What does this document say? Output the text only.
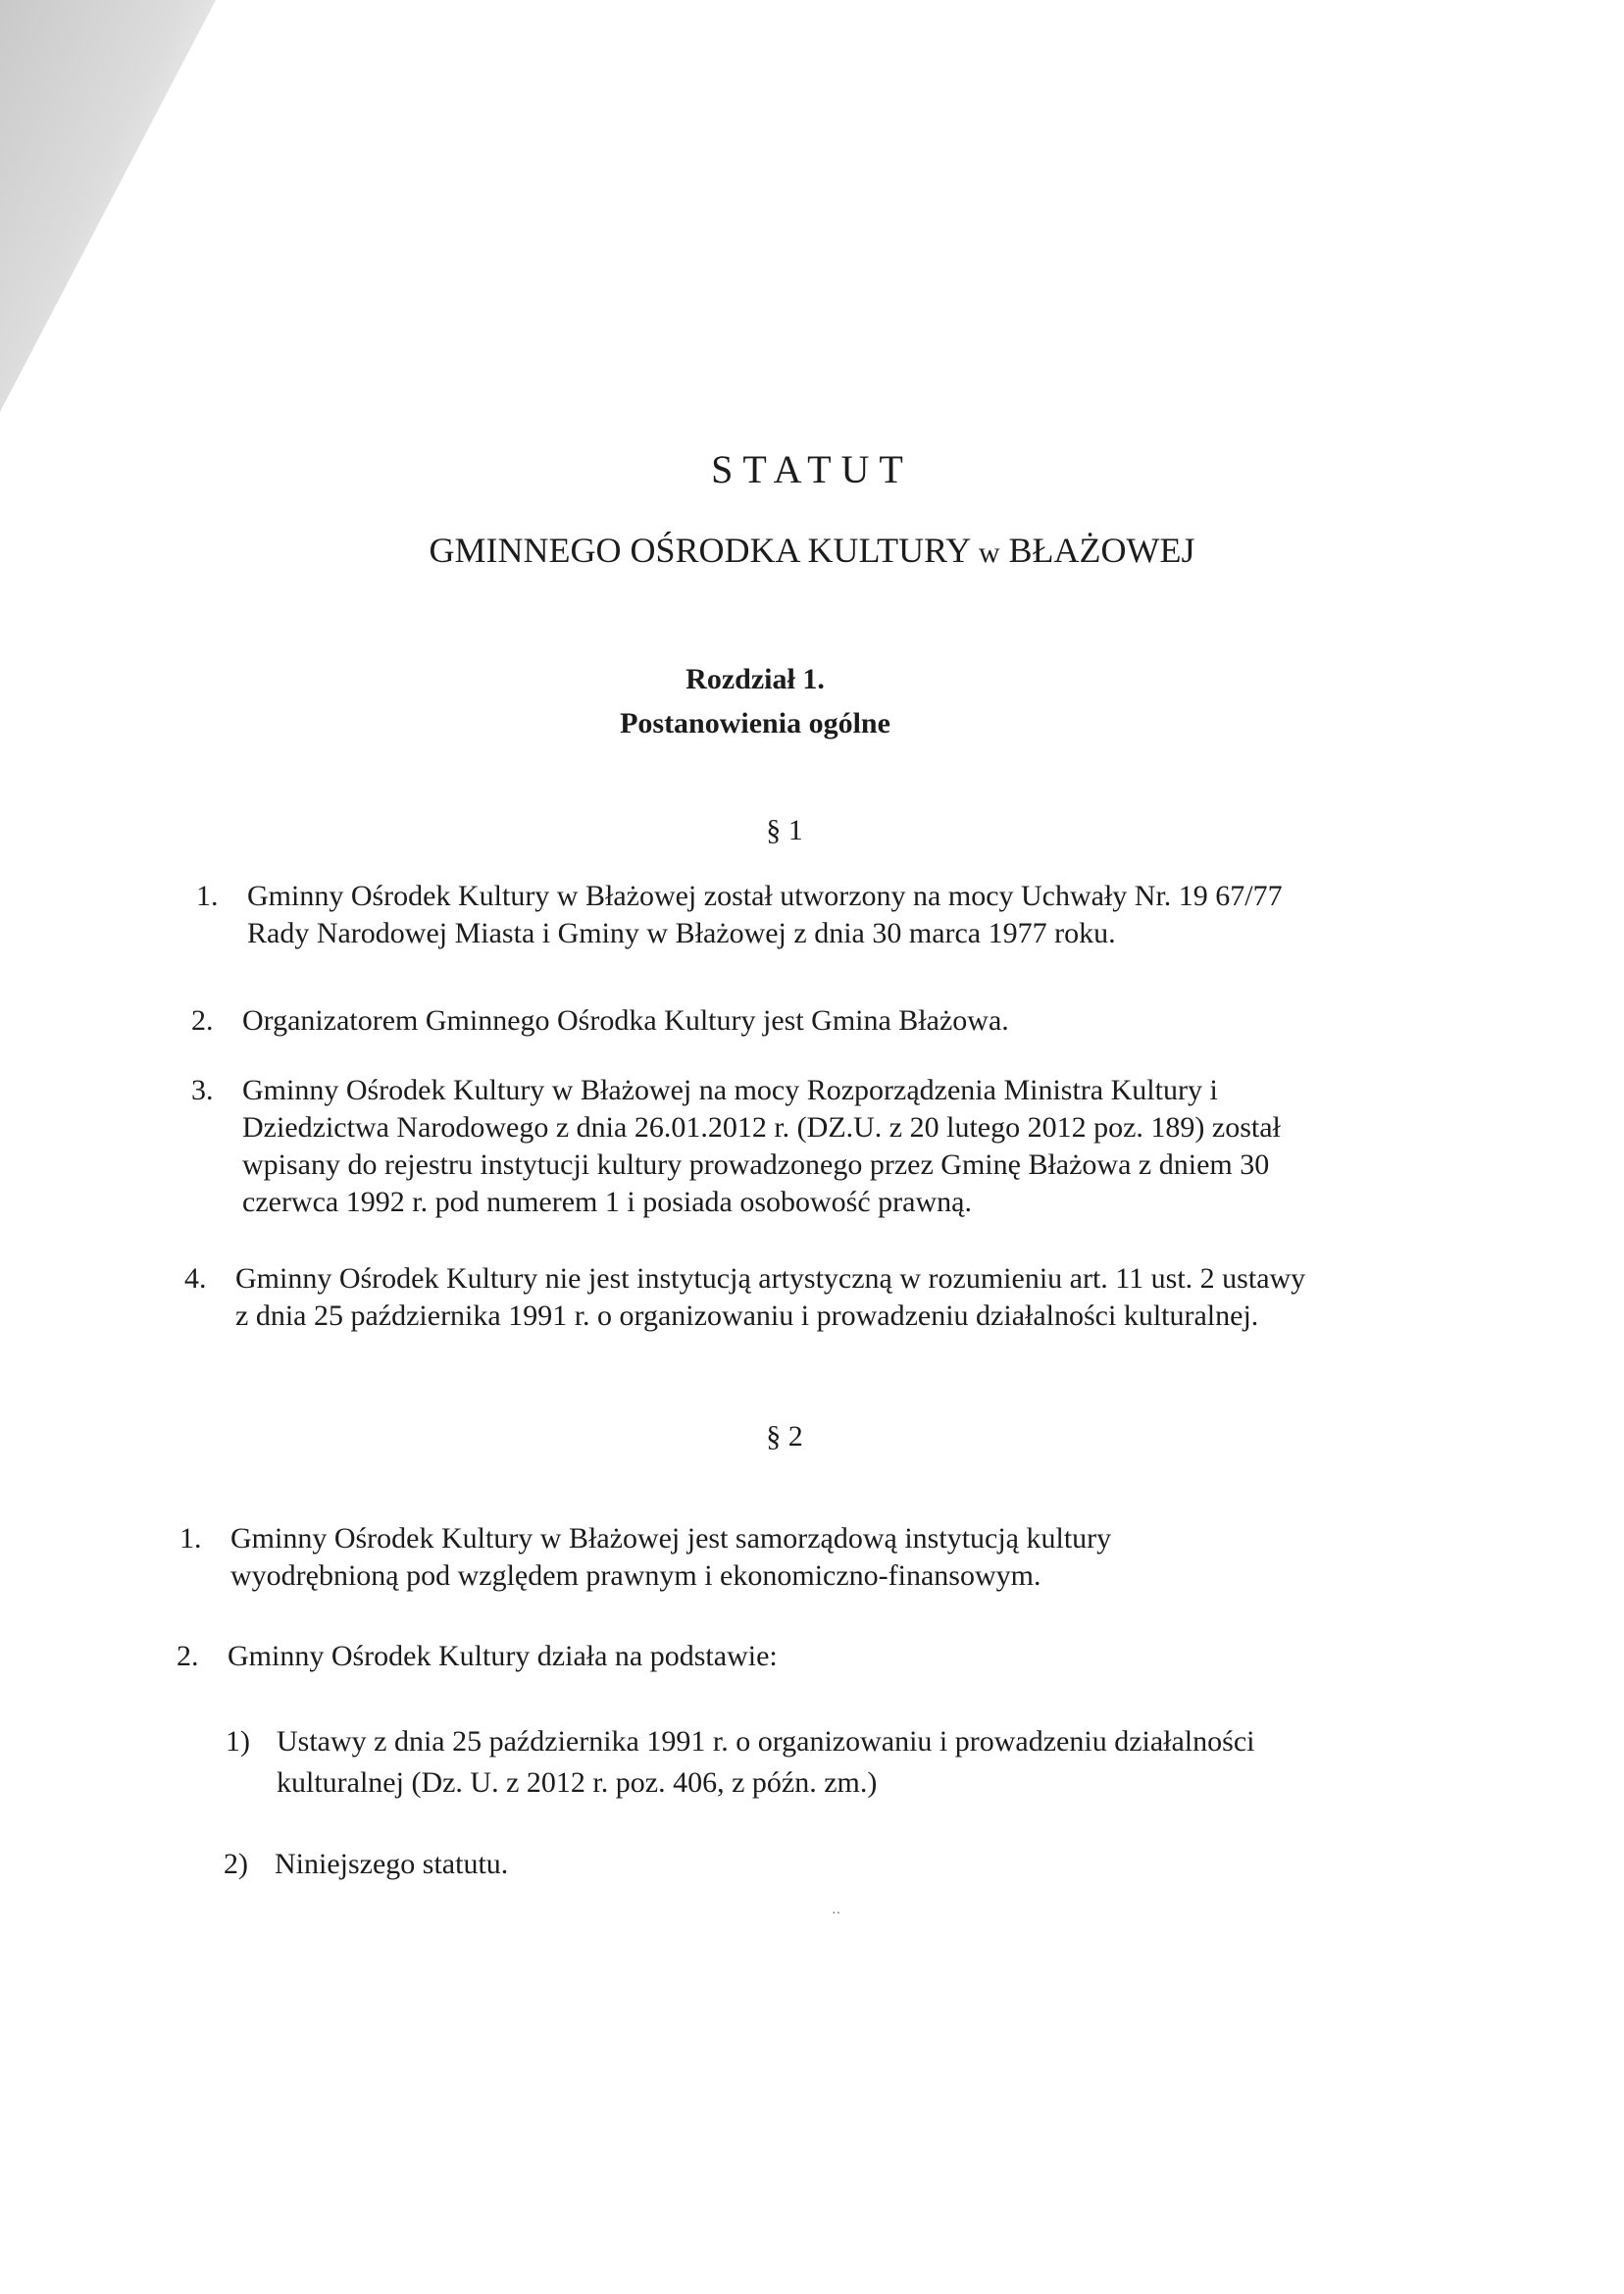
STATUT
GMINNEGO OŚRODKA KULTURY w BŁAŻOWEJ
Rozdział 1.
Postanowienia ogólne
§ 1
1. Gminny Ośrodek Kultury w Błażowej został utworzony na mocy Uchwały Nr. 19 67/77 Rady Narodowej Miasta i Gminy w Błażowej z dnia 30 marca 1977 roku.
2. Organizatorem Gminnego Ośrodka Kultury jest Gmina Błażowa.
3. Gminny Ośrodek Kultury w Błażowej na mocy Rozporządzenia Ministra Kultury i Dziedzictwa Narodowego z dnia 26.01.2012 r. (DZ.U. z 20 lutego 2012 poz. 189) został wpisany do rejestru instytucji kultury prowadzonego przez Gminę Błażowa z dniem 30 czerwca 1992 r. pod numerem 1 i posiada osobowość prawną.
4. Gminny Ośrodek Kultury nie jest instytucją artystyczną w rozumieniu art. 11 ust. 2 ustawy z dnia 25 października 1991 r. o organizowaniu i prowadzeniu działalności kulturalnej.
§ 2
1. Gminny Ośrodek Kultury w Błażowej jest samorządową instytucją kultury wyodrębnioną pod względem prawnym i ekonomiczno-finansowym.
2. Gminny Ośrodek Kultury działa na podstawie:
1) Ustawy z dnia 25 października 1991 r. o organizowaniu i prowadzeniu działalności kulturalnej (Dz. U. z 2012 r. poz. 406, z późn. zm.)
2) Niniejszego statutu.
··
